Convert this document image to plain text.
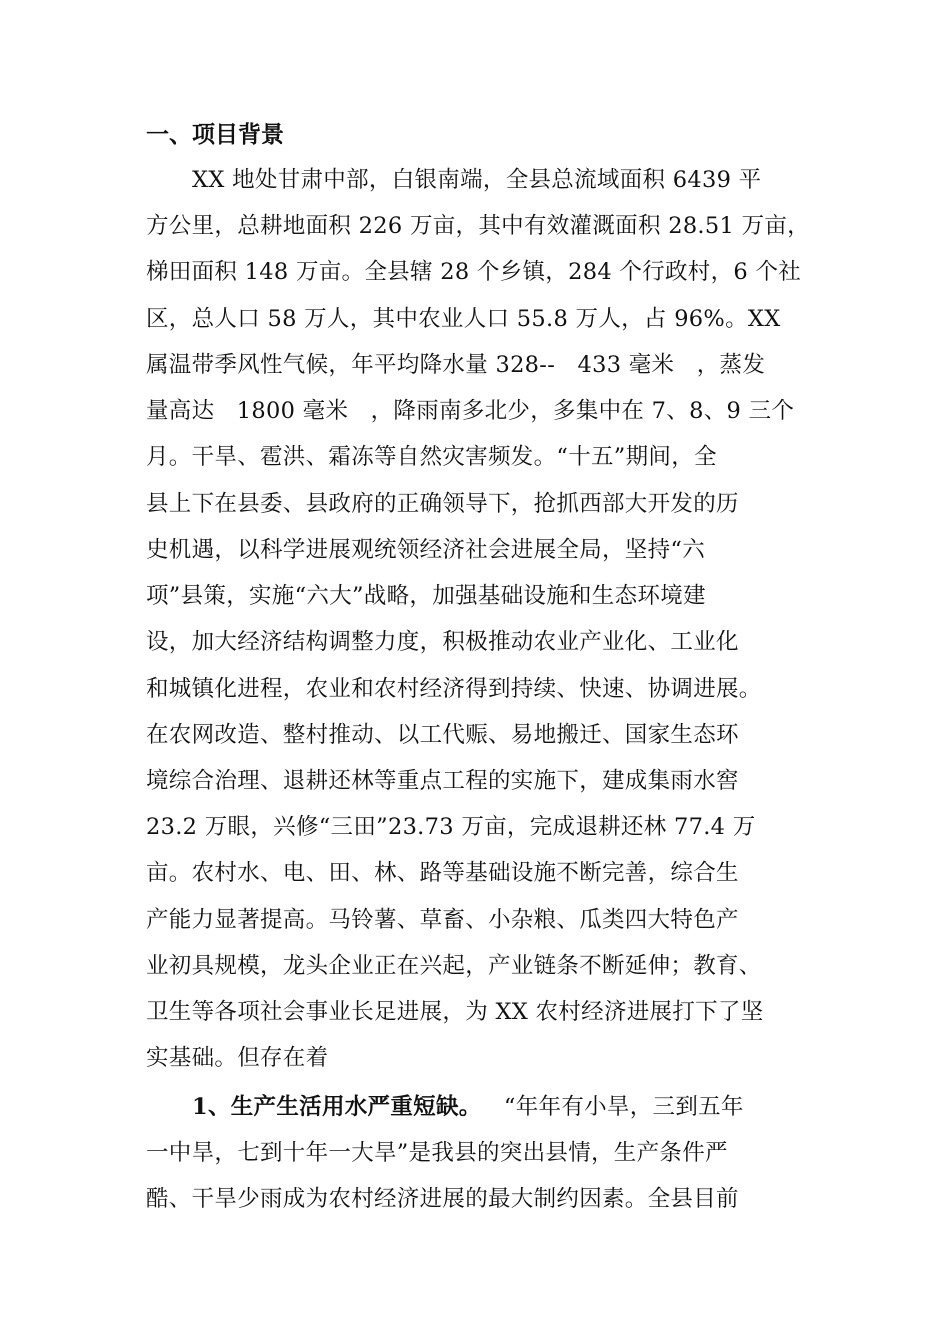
一、项目背景
XX 地处甘肃中部，白银南端，全县总流域面积 6439 平
方公里，总耕地面积 226 万亩，其中有效灌溉面积 28.51 万亩，
梯田面积 148 万亩。全县辖 28 个乡镇，284 个行政村，6 个社
区，总人口 58 万人，其中农业人口 55.8 万人，占 96%。XX
属温带季风性气候，年平均降水量 328--   433 毫米   ，蒸发
量高达   1800 毫米   ，降雨南多北少，多集中在 7、8、9 三个
月。干旱、雹洪、霜冻等自然灾害频发。“十五”期间，全
县上下在县委、县政府的正确领导下，抢抓西部大开发的历
史机遇，以科学进展观统领经济社会进展全局，坚持“六
项”县策，实施“六大”战略，加强基础设施和生态环境建
设，加大经济结构调整力度，积极推动农业产业化、工业化
和城镇化进程，农业和农村经济得到持续、快速、协调进展。
在农网改造、整村推动、以工代赈、易地搬迁、国家生态环
境综合治理、退耕还林等重点工程的实施下，建成集雨水窖
23.2 万眼，兴修“三田”23.73 万亩，完成退耕还林 77.4 万
亩。农村水、电、田、林、路等基础设施不断完善，综合生
产能力显著提高。马铃薯、草畜、小杂粮、瓜类四大特色产
业初具规模，龙头企业正在兴起，产业链条不断延伸；教育、
卫生等各项社会事业长足进展，为 XX 农村经济进展打下了坚
实基础。但存在着
1、生产生活用水严重短缺。   “年年有小旱，三到五年
一中旱，七到十年一大旱”是我县的突出县情，生产条件严
酷、干旱少雨成为农村经济进展的最大制约因素。全县目前
